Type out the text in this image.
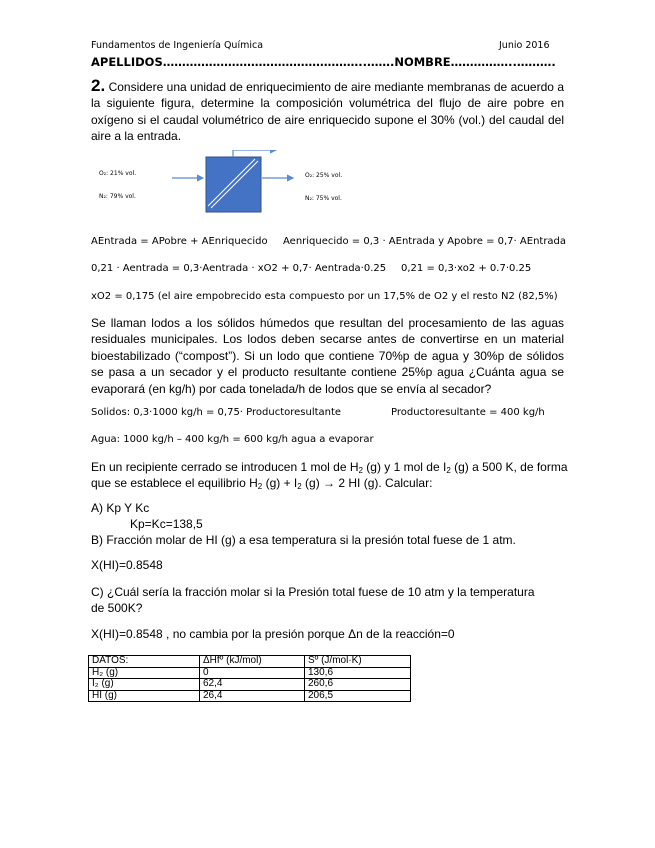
Fundamentos de Ingeniería Química	Junio 2016
APELLIDOS……………………………………………..…….NOMBRE……………..……….
2. Considere una unidad de enriquecimiento de aire mediante membranas de acuerdo a la siguiente figura, determine la composición volumétrica del flujo de aire pobre en oxígeno si el caudal volumétrico de aire enriquecido supone el 30% (vol.) del caudal del aire a la entrada.
O₂: 21% vol.
N₂: 79% vol.
O₂: 25% vol.
N₂: 75% vol.
AEntrada = APobre + AEnriquecido Aenriquecido = 0,3 · AEntrada y Apobre = 0,7· AEntrada
0,21 · Aentrada = 0,3·Aentrada · xO2 + 0,7· Aentrada·0.25 0,21 = 0,3·xo2 + 0.7·0.25
xO2 = 0,175 (el aire empobrecido esta compuesto por un 17,5% de O2 y el resto N2 (82,5%)
Se llaman lodos a los sólidos húmedos que resultan del procesamiento de las aguas residuales municipales. Los lodos deben secarse antes de convertirse en un material bioestabilizado (“compost”). Si un lodo que contiene 70%p de agua y 30%p de sólidos se pasa a un secador y el producto resultante contiene 25%p agua ¿Cuánta agua se evaporará (en kg/h) por cada tonelada/h de lodos que se envía al secador?
Solidos: 0,3·1000 kg/h = 0,75· Productoresultante	Productoresultante = 400 kg/h
Agua: 1000 kg/h – 400 kg/h = 600 kg/h agua a evaporar
En un recipiente cerrado se introducen 1 mol de $H_2$ (g) y 1 mol de $I_2$ (g) a 500 K, de forma
que se establece el equilibrio $H_2$ $(g) + I_2$ (g) → 2 HI (g). Calcular:
A) Kp Y Kc
Kp=Kc=138,5
B) Fracción molar de HI (g) a esa temperatura si la presión total fuese de 1 atm.
X(HI)=0.8548
C) ¿Cuál sería la fracción molar si la Presión total fuese de 10 atm y la temperatura de 500K?
X(HI)=0.8548 , no cambia por la presión porque Δn de la reacción=0
DATOS:	ΔHfº (kJ/mol)	Sº (J/mol·K)
H₂ (g)	0	130,6
I₂ (g)	62,4	260,6
HI (g)	26,4	206,5
